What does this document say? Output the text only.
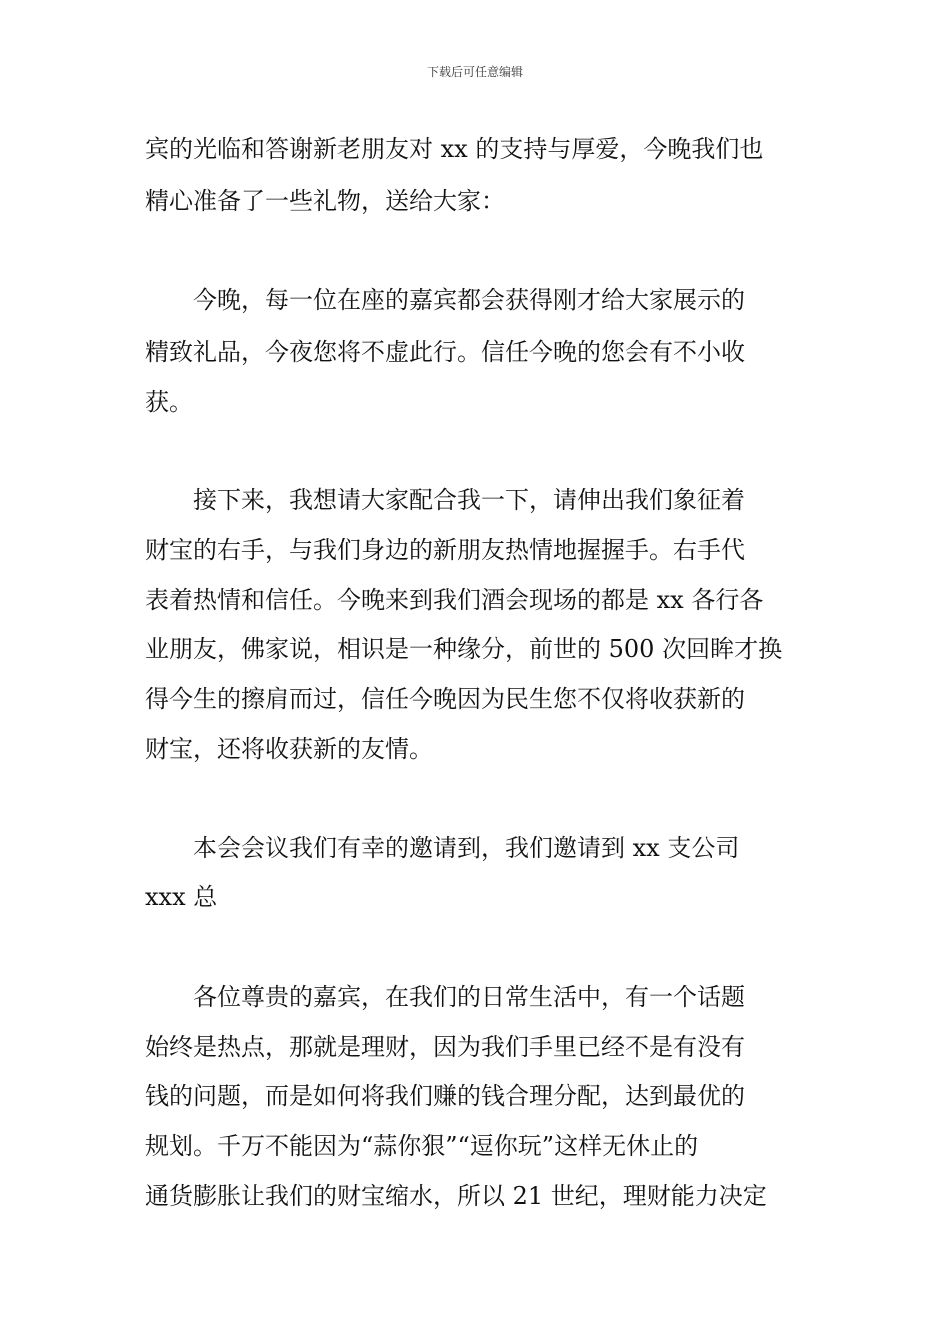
下载后可任意编辑
宾的光临和答谢新老朋友对 xx 的支持与厚爱，今晚我们也
精心准备了一些礼物，送给大家：
今晚，每一位在座的嘉宾都会获得刚才给大家展示的
精致礼品，今夜您将不虚此行。信任今晚的您会有不小收
获。
接下来，我想请大家配合我一下，请伸出我们象征着
财宝的右手，与我们身边的新朋友热情地握握手。右手代
表着热情和信任。今晚来到我们酒会现场的都是 xx 各行各
业朋友，佛家说，相识是一种缘分，前世的 500 次回眸才换
得今生的擦肩而过，信任今晚因为民生您不仅将收获新的
财宝，还将收获新的友情。
本会会议我们有幸的邀请到，我们邀请到 xx 支公司
xxx 总
各位尊贵的嘉宾，在我们的日常生活中，有一个话题
始终是热点，那就是理财，因为我们手里已经不是有没有
钱的问题，而是如何将我们赚的钱合理分配，达到最优的
规划。千万不能因为“蒜你狠”“逗你玩”这样无休止的
通货膨胀让我们的财宝缩水，所以 21 世纪，理财能力决定
